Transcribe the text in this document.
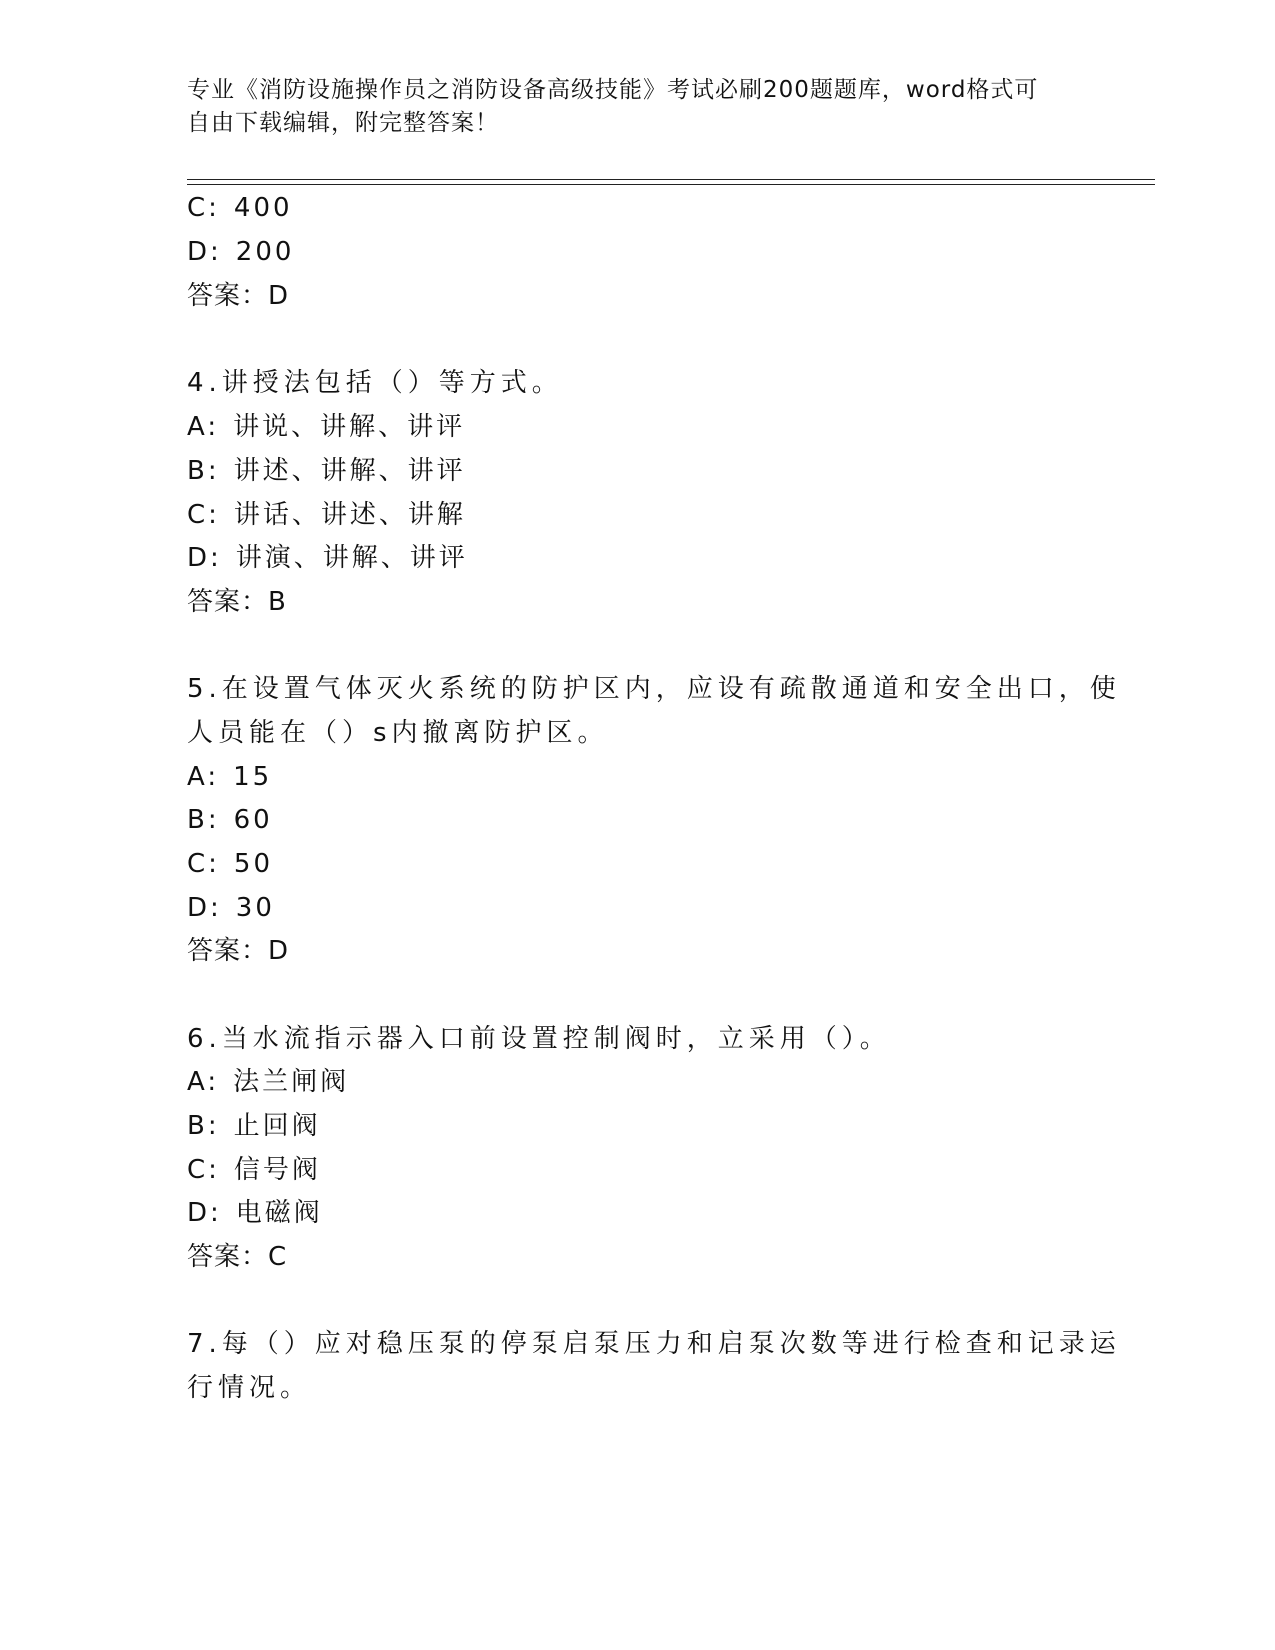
专业《消防设施操作员之消防设备高级技能》考试必刷200题题库，word格式可
自由下载编辑，附完整答案！
C: 400
D: 200
答案：D
4.讲授法包括（）等方式。
A: 讲说、讲解、讲评
B: 讲述、讲解、讲评
C: 讲话、讲述、讲解
D: 讲演、讲解、讲评
答案：B
5.在设置气体灭火系统的防护区内，应设有疏散通道和安全出口，使
人员能在（）s内撤离防护区。
A: 15
B: 60
C: 50
D: 30
答案：D
6.当水流指示器入口前设置控制阀时，立采用（）。
A: 法兰闸阀
B: 止回阀
C: 信号阀
D: 电磁阀
答案：C
7.每（）应对稳压泵的停泵启泵压力和启泵次数等进行检查和记录运
行情况。
